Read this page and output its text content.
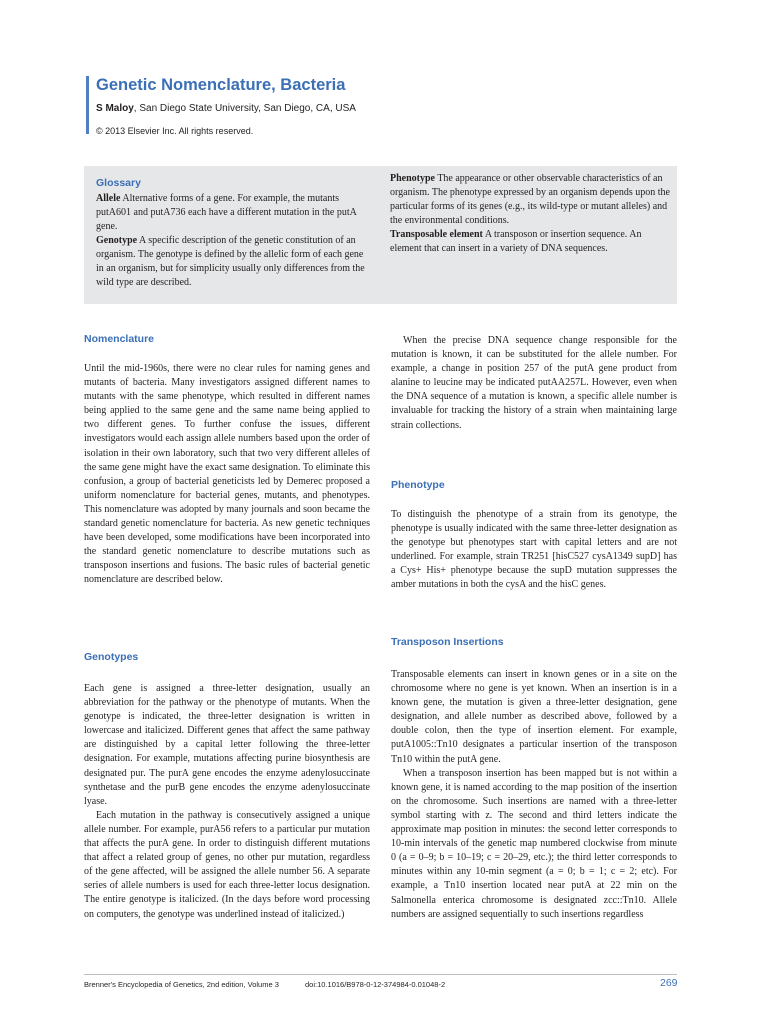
Genetic Nomenclature, Bacteria
S Maloy, San Diego State University, San Diego, CA, USA
© 2013 Elsevier Inc. All rights reserved.
Glossary

Allele Alternative forms of a gene. For example, the mutants putA601 and putA736 each have a different mutation in the putA gene.

Genotype A specific description of the genetic constitution of an organism. The genotype is defined by the allelic form of each gene in an organism, but for simplicity usually only differences from the wild type are described.

Phenotype The appearance or other observable characteristics of an organism. The phenotype expressed by an organism depends upon the particular forms of its genes (e.g., its wild-type or mutant alleles) and the environmental conditions.

Transposable element A transposon or insertion sequence. An element that can insert in a variety of DNA sequences.

Nomenclature

Until the mid-1960s, there were no clear rules for naming genes and mutants of bacteria. Many investigators assigned different names to mutants with the same phenotype, which resulted in different names being applied to the same gene and the same name being applied to two different genes. To further confuse the issues, different investigators would each assign allele numbers based upon the order of isolation in their own laboratory, such that two very different alleles of the same gene might have the exact same designation. To eliminate this confusion, a group of bacterial geneticists led by Demerec proposed a uniform nomenclature for bacterial genes, mutants, and phenotypes. This nomenclature was adopted by many journals and soon became the standard genetic nomenclature for bacteria. As new genetic techniques have been developed, some modifications have been incorporated into the standard genetic nomenclature to describe mutations such as transposon insertions and fusions. The basic rules of bacterial genetic nomenclature are described below.

Genotypes

Each gene is assigned a three-letter designation, usually an abbreviation for the pathway or the phenotype of mutants. When the genotype is indicated, the three-letter designation is written in lowercase and italicized. Different genes that affect the same pathway are distinguished by a capital letter following the three-letter designation. For example, mutations affecting purine biosynthesis are designated pur. The purA gene encodes the enzyme adenylosuccinate synthetase and the purB gene encodes the enzyme adenylosuccinate lyase.

Each mutation in the pathway is consecutively assigned a unique allele number. For example, purA56 refers to a particular pur mutation that affects the purA gene. In order to distinguish different mutations that affect a related group of genes, no other pur mutation, regardless of the gene affected, will be assigned the allele number 56. A separate series of allele numbers is used for each three-letter locus designation. The entire genotype is italicized. (In the days before word processing on computers, the genotype was underlined instead of italicized.)

When the precise DNA sequence change responsible for the mutation is known, it can be substituted for the allele number. For example, a change in position 257 of the putA gene product from alanine to leucine may be indicated putAA257L. However, even when the DNA sequence of a mutation is known, a specific allele number is invaluable for tracking the history of a strain when maintaining large strain collections.

Phenotype

To distinguish the phenotype of a strain from its genotype, the phenotype is usually indicated with the same three-letter designation as the genotype but phenotypes start with capital letters and are not underlined. For example, strain TR251 [hisC527 cysA1349 supD] has a Cys+ His+ phenotype because the supD mutation suppresses the amber mutations in both the cysA and the hisC genes.

Transposon Insertions

Transposable elements can insert in known genes or in a site on the chromosome where no gene is yet known. When an insertion is in a known gene, the mutation is given a three-letter designation, gene designation, and allele number as described above, followed by a double colon, then the type of insertion element. For example, putA1005::Tn10 designates a particular insertion of the transposon Tn10 within the putA gene.

When a transposon insertion has been mapped but is not within a known gene, it is named according to the map position of the insertion on the chromosome. Such insertions are named with a three-letter symbol starting with z. The second and third letters indicate the approximate map position in minutes: the second letter corresponds to 10-min intervals of the genetic map numbered clockwise from minute 0 (a = 0–9; b = 10–19; c = 20–29, etc.); the third letter corresponds to minutes within any 10-min segment (a = 0; b = 1; c = 2; etc). For example, a Tn10 insertion located near putA at 22 min on the Salmonella enterica chromosome is designated zcc::Tn10. Allele numbers are assigned sequentially to such insertions regardless

Brenner's Encyclopedia of Genetics, 2nd edition, Volume 3	doi:10.1016/B978-0-12-374984-0.01048-2	269
